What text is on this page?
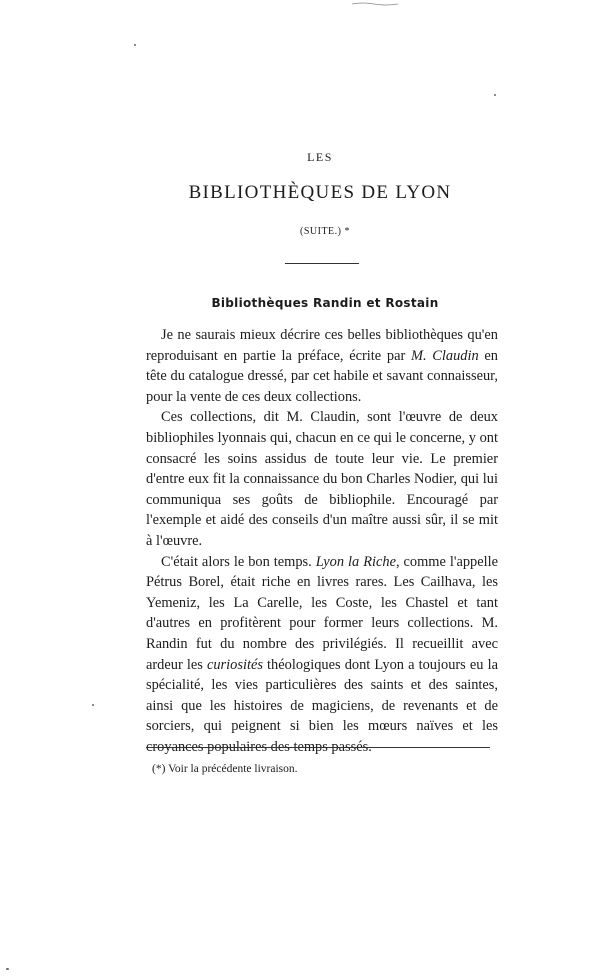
LES
BIBLIOTHÈQUES DE LYON
(SUITE.) *
Bibliothèques Randin et Rostain

Je ne saurais mieux décrire ces belles bibliothèques qu'en reproduisant en partie la préface, écrite par M. Claudin en tête du catalogue dressé, par cet habile et savant connaisseur, pour la vente de ces deux collections.

Ces collections, dit M. Claudin, sont l'œuvre de deux bibliophiles lyonnais qui, chacun en ce qui le concerne, y ont consacré les soins assidus de toute leur vie. Le premier d'entre eux fit la connaissance du bon Charles Nodier, qui lui communiqua ses goûts de bibliophile. Encouragé par l'exemple et aidé des conseils d'un maître aussi sûr, il se mit à l'œuvre.

C'était alors le bon temps. Lyon la Riche, comme l'appelle Pétrus Borel, était riche en livres rares. Les Cailhava, les Yemeniz, les La Carelle, les Coste, les Chastel et tant d'autres en profitèrent pour former leurs collections. M. Randin fut du nombre des privilégiés. Il recueillit avec ardeur les curiosités théologiques dont Lyon a toujours eu la spécialité, les vies particulières des saints et des saintes, ainsi que les histoires de magiciens, de revenants et de sorciers, qui peignent si bien les mœurs naïves et les croyances populaires des temps passés.

(*) Voir la précédente livraison.
